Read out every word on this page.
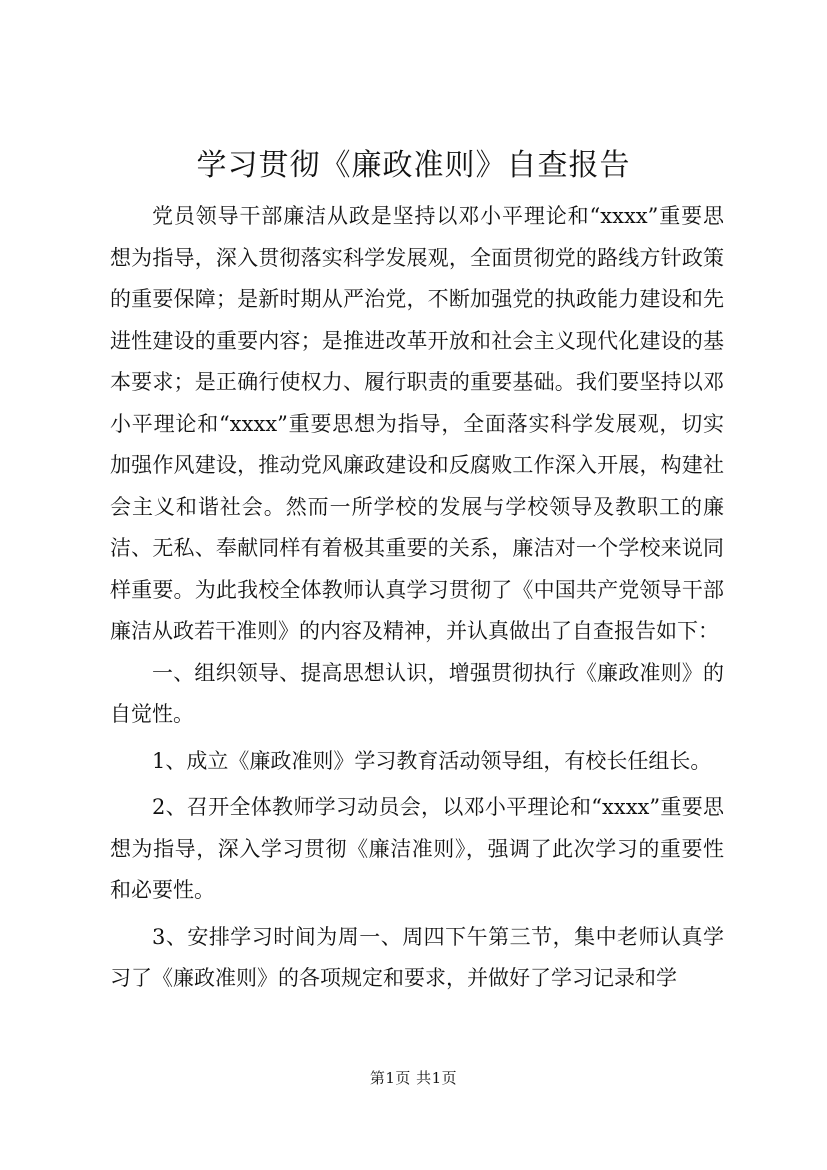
学习贯彻《廉政准则》自查报告

党员领导干部廉洁从政是坚持以邓小平理论和“xxxx”重要思想为指导，深入贯彻落实科学发展观，全面贯彻党的路线方针政策的重要保障；是新时期从严治党，不断加强党的执政能力建设和先进性建设的重要内容；是推进改革开放和社会主义现代化建设的基本要求；是正确行使权力、履行职责的重要基础。我们要坚持以邓小平理论和“xxxx”重要思想为指导，全面落实科学发展观，切实加强作风建设，推动党风廉政建设和反腐败工作深入开展，构建社会主义和谐社会。然而一所学校的发展与学校领导及教职工的廉洁、无私、奉献同样有着极其重要的关系，廉洁对一个学校来说同样重要。为此我校全体教师认真学习贯彻了《中国共产党领导干部廉洁从政若干准则》的内容及精神，并认真做出了自查报告如下：

一、组织领导、提高思想认识，增强贯彻执行《廉政准则》的自觉性。

1、成立《廉政准则》学习教育活动领导组，有校长任组长。

2、召开全体教师学习动员会，以邓小平理论和“xxxx”重要思想为指导，深入学习贯彻《廉洁准则》，强调了此次学习的重要性和必要性。

3、安排学习时间为周一、周四下午第三节，集中老师认真学习了《廉政准则》的各项规定和要求，并做好了学习记录和学

第1页 共1页
